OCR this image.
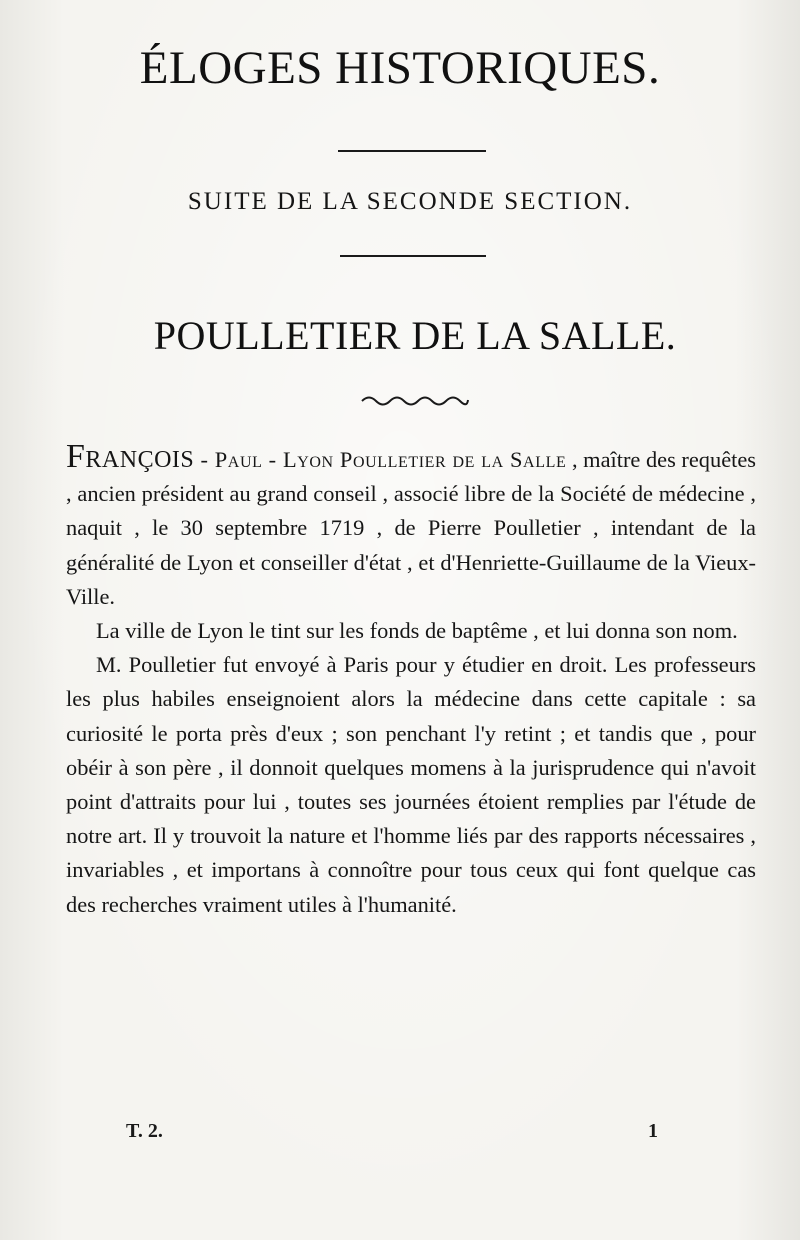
ÉLOGES HISTORIQUES.
SUITE DE LA SECONDE SECTION.
POULLETIER DE LA SALLE.

François - Paul - Lyon Poulletier de la Salle , maître des requêtes , ancien président au grand conseil , associé libre de la Société de médecine , naquit , le 30 septembre 1719 , de Pierre Poulletier , intendant de la généralité de Lyon et conseiller d'état , et d'Henriette-Guillaume de la Vieux-Ville.

La ville de Lyon le tint sur les fonds de baptême , et lui donna son nom.

M. Poulletier fut envoyé à Paris pour y étudier en droit. Les professeurs les plus habiles enseignoient alors la médecine dans cette capitale : sa curiosité le porta près d'eux ; son penchant l'y retint ; et tandis que , pour obéir à son père , il donnoit quelques momens à la jurisprudence qui n'avoit point d'attraits pour lui , toutes ses journées étoient remplies par l'étude de notre art. Il y trouvoit la nature et l'homme liés par des rapports nécessaires , invariables , et importans à connoître pour tous ceux qui font quelque cas des recherches vraiment utiles à l'humanité.

T. 2.	1
